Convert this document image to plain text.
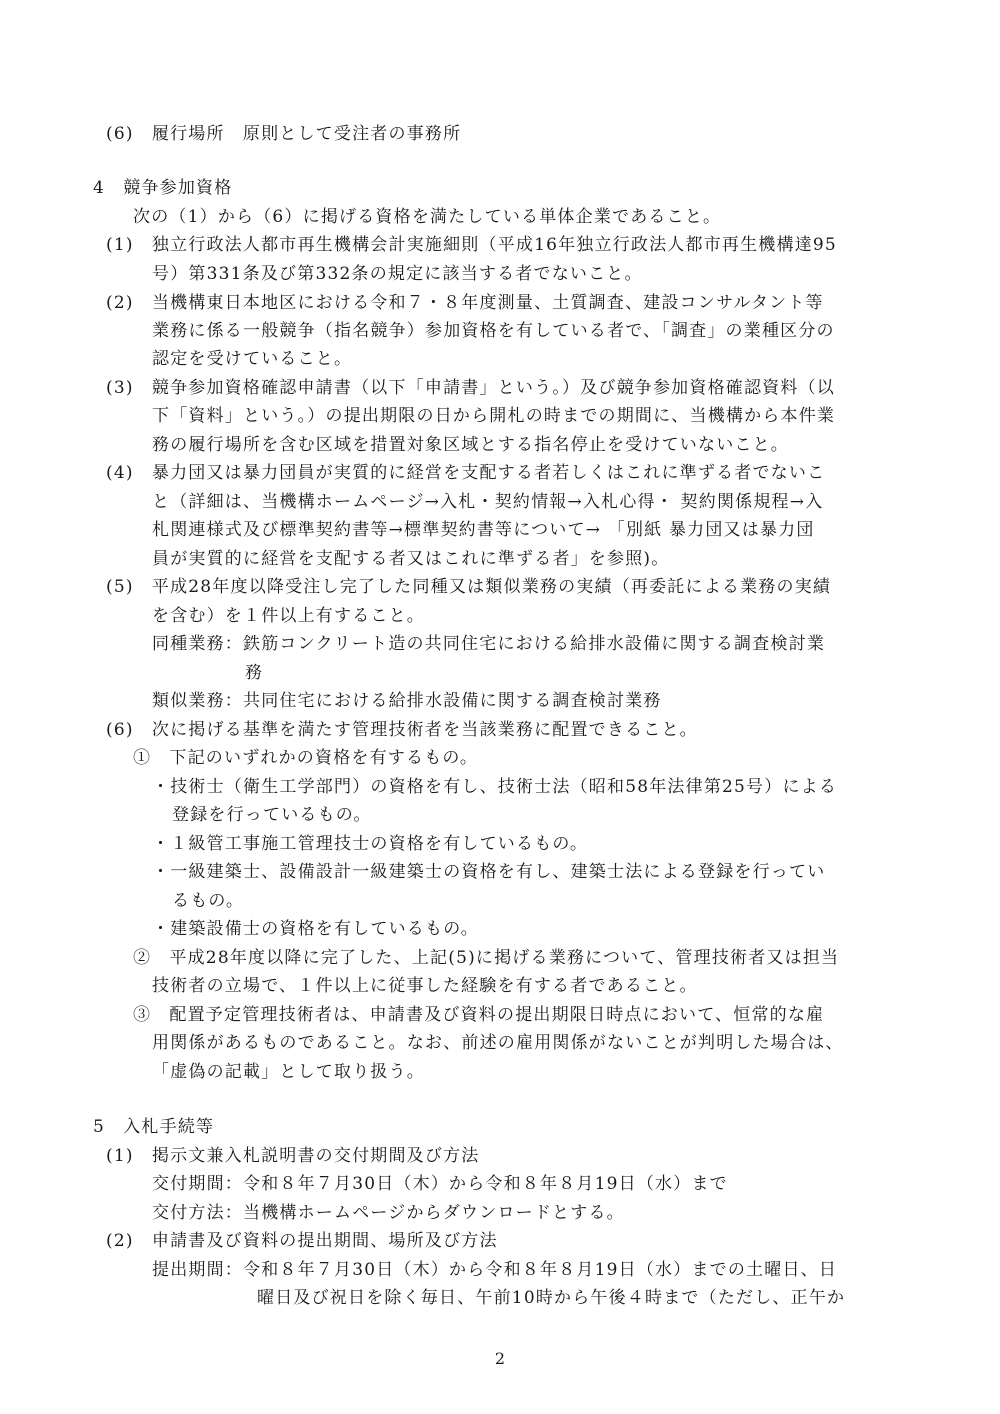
(6)　履行場所　原則として受注者の事務所
4　競争参加資格
次の（1）から（6）に掲げる資格を満たしている単体企業であること。
(1)　独立行政法人都市再生機構会計実施細則（平成16年独立行政法人都市再生機構達95
号）第331条及び第332条の規定に該当する者でないこと。
(2)　当機構東日本地区における令和７・８年度測量、土質調査、建設コンサルタント等
業務に係る一般競争（指名競争）参加資格を有している者で、「調査」の業種区分の
認定を受けていること。
(3)　競争参加資格確認申請書（以下「申請書」という。）及び競争参加資格確認資料（以
下「資料」という。）の提出期限の日から開札の時までの期間に、当機構から本件業
務の履行場所を含む区域を措置対象区域とする指名停止を受けていないこと。
(4)　暴力団又は暴力団員が実質的に経営を支配する者若しくはこれに準ずる者でないこ
と（詳細は、当機構ホームページ→入札・契約情報→入札心得・ 契約関係規程→入
札関連様式及び標準契約書等→標準契約書等について→ 「別紙 暴力団又は暴力団
員が実質的に経営を支配する者又はこれに準ずる者」を参照)。
(5)　平成28年度以降受注し完了した同種又は類似業務の実績（再委託による業務の実績
を含む）を１件以上有すること。
同種業務：鉄筋コンクリート造の共同住宅における給排水設備に関する調査検討業
務
類似業務：共同住宅における給排水設備に関する調査検討業務
(6)　次に掲げる基準を満たす管理技術者を当該業務に配置できること。
①　下記のいずれかの資格を有するもの。
・技術士（衛生工学部門）の資格を有し、技術士法（昭和58年法律第25号）による
登録を行っているもの。
・１級管工事施工管理技士の資格を有しているもの。
・一級建築士、設備設計一級建築士の資格を有し、建築士法による登録を行ってい
るもの。
・建築設備士の資格を有しているもの。
②　平成28年度以降に完了した、上記(5)に掲げる業務について、管理技術者又は担当
技術者の立場で、１件以上に従事した経験を有する者であること。
③　配置予定管理技術者は、申請書及び資料の提出期限日時点において、恒常的な雇
用関係があるものであること。なお、前述の雇用関係がないことが判明した場合は、
「虚偽の記載」として取り扱う。
5　入札手続等
(1)　掲示文兼入札説明書の交付期間及び方法
交付期間：令和８年７月30日（木）から令和８年８月19日（水）まで
交付方法：当機構ホームページからダウンロードとする。
(2)　申請書及び資料の提出期間、場所及び方法
提出期間：令和８年７月30日（木）から令和８年８月19日（水）までの土曜日、日
曜日及び祝日を除く毎日、午前10時から午後４時まで（ただし、正午か
2
